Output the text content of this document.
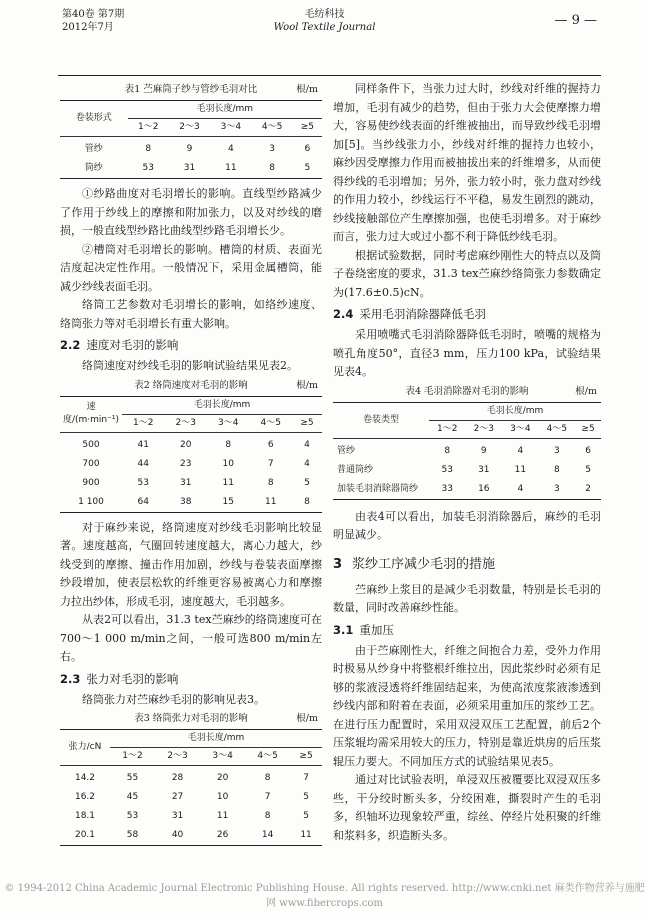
第40卷 第7期
2012年7月
毛纺科技
Wool Textile Journal	— 9 —
表1 苎麻筒子纱与管纱毛羽对比	根/m
卷装形式	毛羽长度/mm				
	1～2	2～3	3～4	4～5	≥5
管纱	8	9	4	3	6
筒纱	53	31	11	8	5

①纱路曲度对毛羽增长的影响。直线型纱路减少了作用于纱线上的摩擦和附加张力，以及对纱线的磨损，一般直线型纱路比曲线型纱路毛羽增长少。

②槽筒对毛羽增长的影响。槽筒的材质、表面光洁度起决定性作用。一般情况下，采用金属槽筒，能减少纱线表面毛羽。

络筒工艺参数对毛羽增长的影响，如络纱速度、络筒张力等对毛羽增长有重大影响。

2.2 速度对毛羽的影响

络筒速度对纱线毛羽的影响试验结果见表2。

表2 络筒速度对毛羽的影响	根/m
速度/(m·min⁻¹)	毛羽长度/mm				
	1～2	2～3	3～4	4～5	≥5
500	41	20	8	6	4
700	44	23	10	7	4
900	53	31	11	8	5
1 100	64	38	15	11	8

对于麻纱来说，络筒速度对纱线毛羽影响比较显著。速度越高，气圈回转速度越大，离心力越大，纱线受到的摩擦、撞击作用加剧，纱线与卷装表面摩擦纱段增加，使表层松软的纤维更容易被离心力和摩擦力拉出纱体，形成毛羽，速度越大，毛羽越多。

从表2可以看出，31.3 tex苎麻纱的络筒速度可在700～1 000 m/min之间，一般可选800 m/min左右。

2.3 张力对毛羽的影响

络筒张力对苎麻纱毛羽的影响见表3。

表3 络筒张力对毛羽的影响	根/m
张力/cN	毛羽长度/mm				
	1～2	2～3	3～4	4～5	≥5
14.2	55	28	20	8	7
16.2	45	27	10	7	5
18.1	53	31	11	8	5
20.1	58	40	26	14	11

同样条件下，当张力过大时，纱线对纤维的握持力增加，毛羽有减少的趋势，但由于张力大会使摩擦力增大，容易使纱线表面的纤维被抽出，而导致纱线毛羽增加[5]。当纱线张力小，纱线对纤维的握持力也较小，麻纱因受摩擦力作用而被抽拔出来的纤维增多，从而使得纱线的毛羽增加；另外，张力较小时，张力盘对纱线的作用力较小，纱线运行不平稳，易发生剧烈的跳动，纱线接触部位产生摩擦加强，也使毛羽增多。对于麻纱而言，张力过大或过小都不利于降低纱线毛羽。

根据试验数据，同时考虑麻纱刚性大的特点以及筒子卷绕密度的要求，31.3 tex苎麻纱络筒张力参数确定为(17.6±0.5)cN。

2.4 采用毛羽消除器降低毛羽

采用喷嘴式毛羽消除器降低毛羽时，喷嘴的规格为喷孔角度50°，直径3 mm，压力100 kPa，试验结果见表4。

表4 毛羽消除器对毛羽的影响	根/m
卷装类型	毛羽长度/mm				
	1～2	2～3	3～4	4～5	≥5
管纱	8	9	4	3	6
普通筒纱	53	31	11	8	5
加装毛羽消除器筒纱	33	16	4	3	2

由表4可以看出，加装毛羽消除器后，麻纱的毛羽明显减少。

3 浆纱工序减少毛羽的措施

苎麻纱上浆目的是减少毛羽数量，特别是长毛羽的数量，同时改善麻纱性能。

3.1 重加压

由于苎麻刚性大，纤维之间抱合力差，受外力作用时极易从纱身中将整根纤维拉出，因此浆纱时必须有足够的浆液浸透将纤维固结起来，为使高浓度浆液渗透到纱线内部和附着在表面，必须采用重加压的浆纱工艺。在进行压力配置时，采用双浸双压工艺配置，前后2个压浆辊均需采用较大的压力，特别是靠近烘房的后压浆辊压力要大。不同加压方式的试验结果见表5。

通过对比试验表明，单浸双压被覆要比双浸双压多些，干分绞时断头多，分绞困难，撕裂时产生的毛羽多，织轴坏边现象较严重，综丝、停经片处积聚的纤维和浆料多，织造断头多。

© 1994-2012 China Academic Journal Electronic Publishing House. All rights reserved. http://www.cnki.net 麻类作物营养与施肥网 www.fibercrops.com
